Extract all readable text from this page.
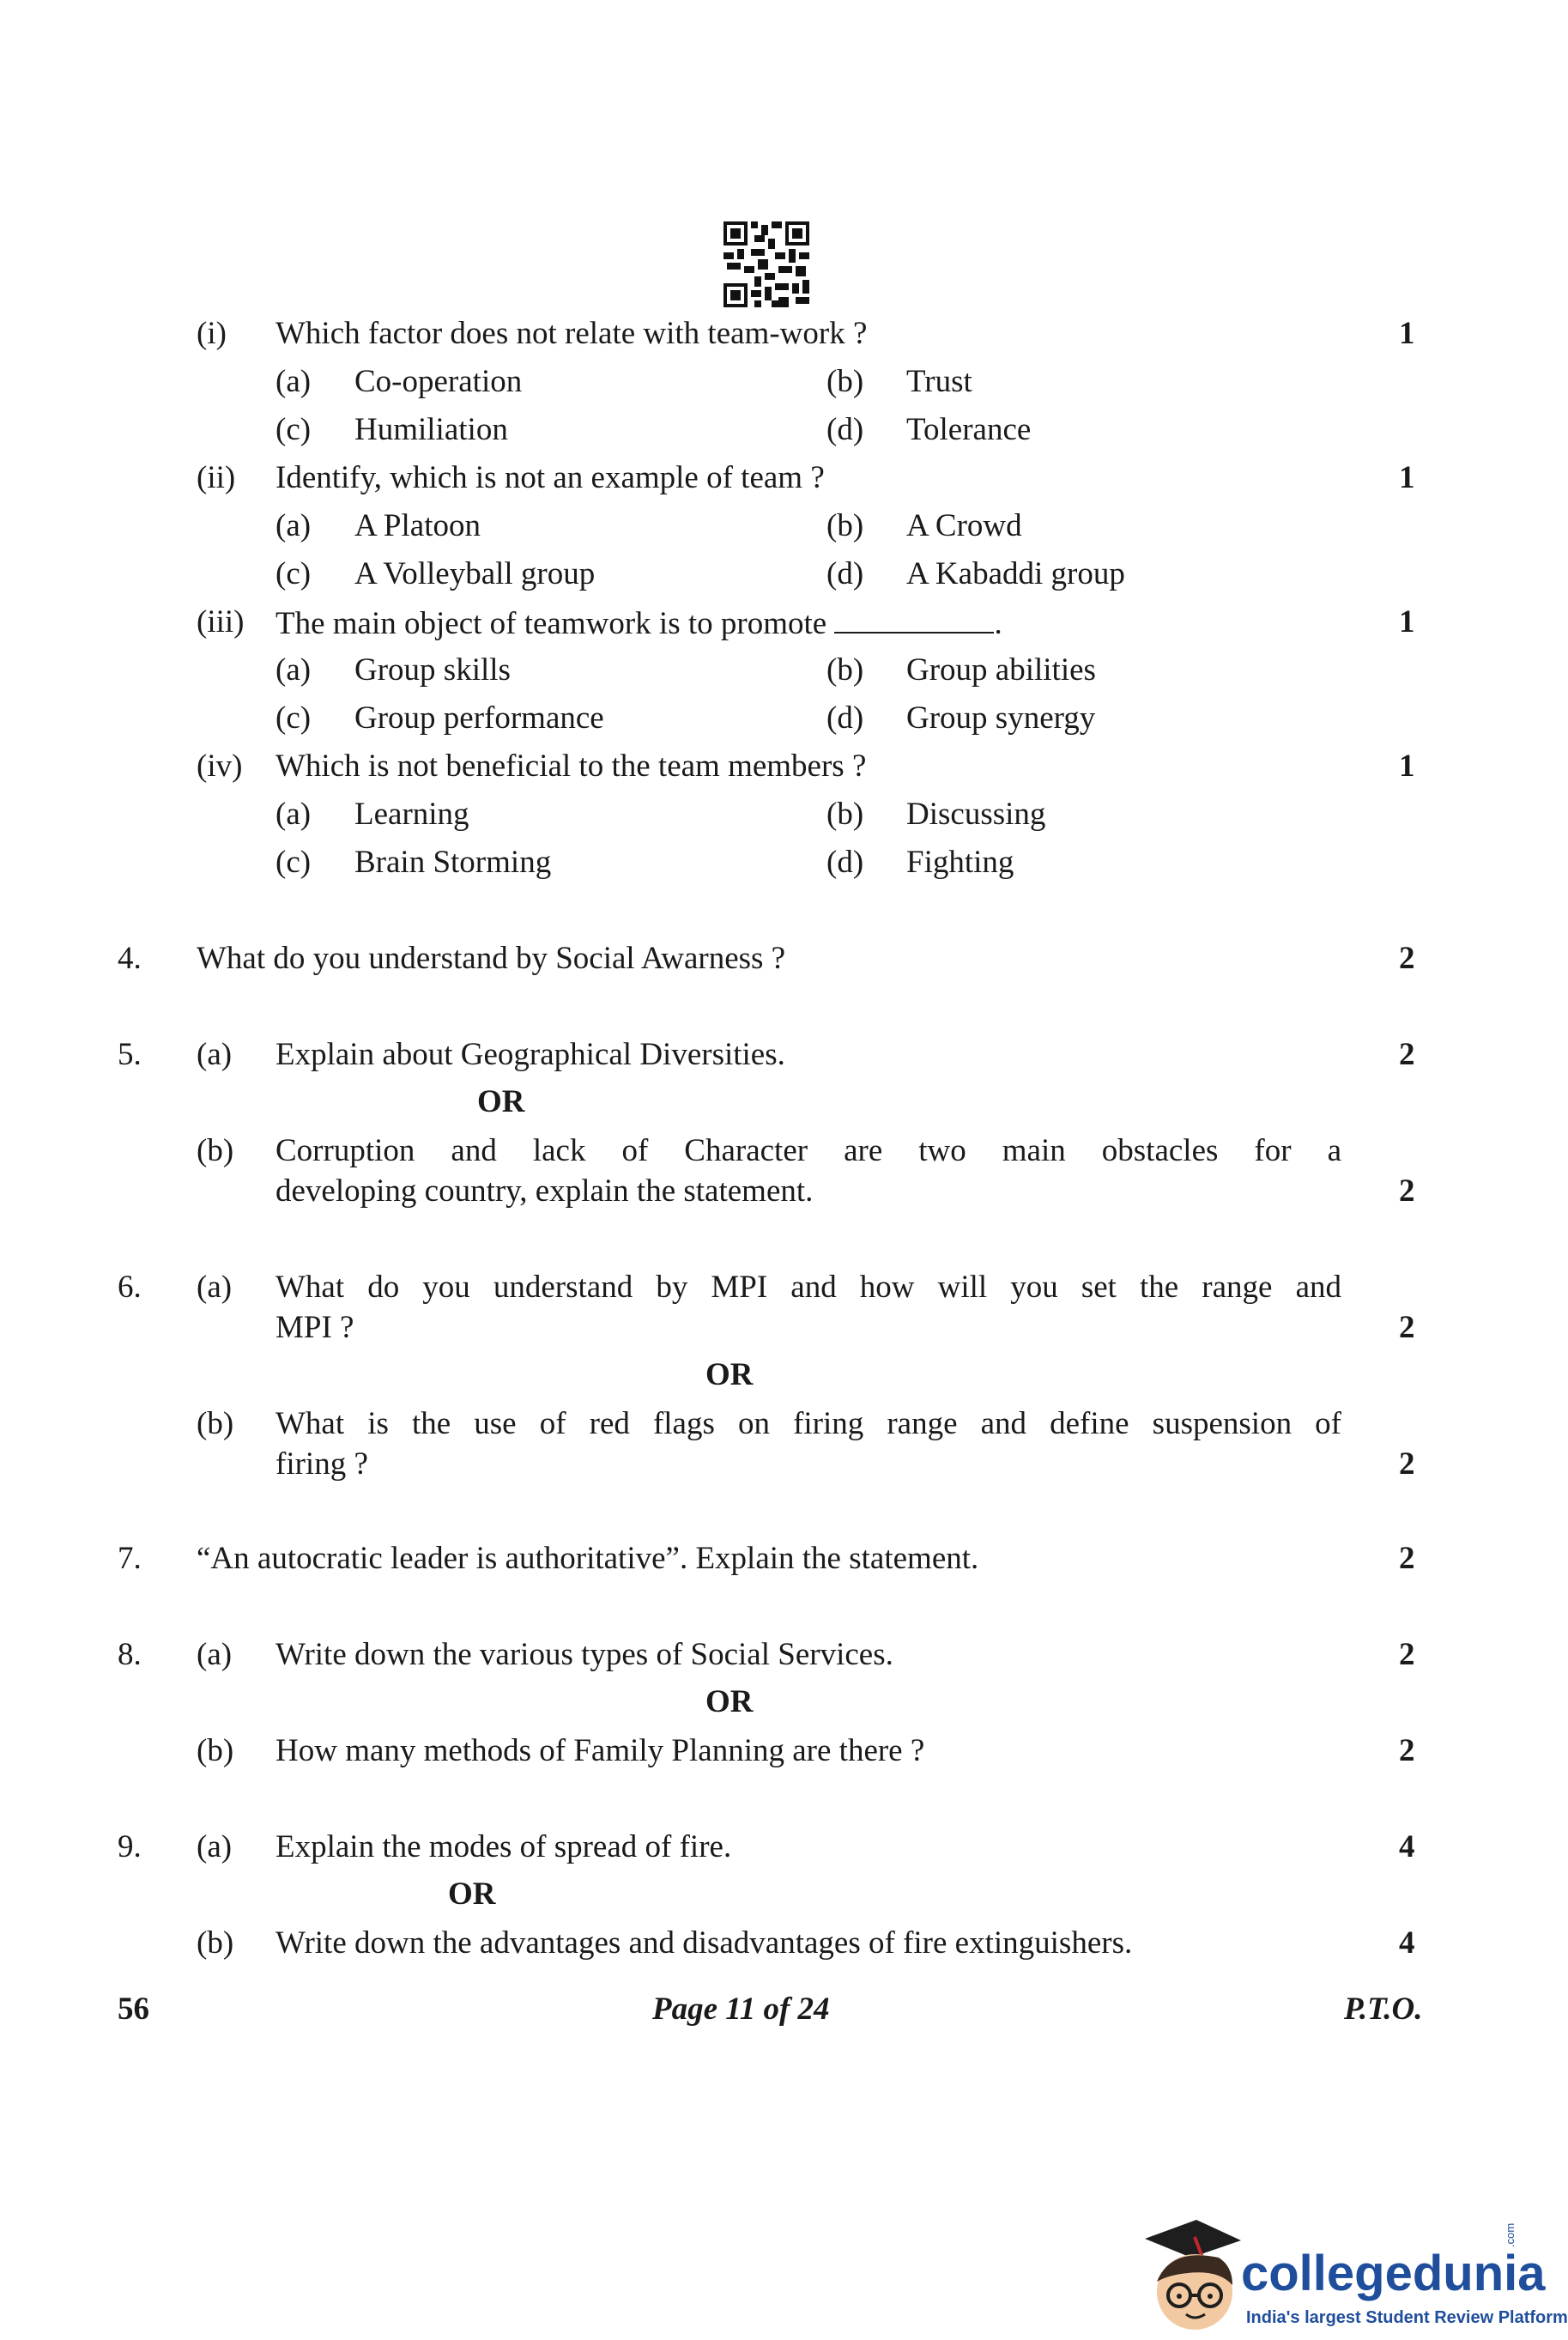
(i) Which factor does not relate with team-work ?	1
(a) Co-operation	(b) Trust
(c) Humiliation	(d) Tolerance
(ii) Identify, which is not an example of team ?	1
(a) A Platoon	(b) A Crowd
(c) A Volleyball group	(d) A Kabaddi group
(iii) The main object of teamwork is to promote	.	1
(a) Group skills	(b) Group abilities
(c) Group performance	(d) Group synergy
(iv) Which is not beneficial to the team members ?	1
(a) Learning	(b) Discussing
(c) Brain Storming	(d) Fighting
4. What do you understand by Social Awarness ?	2
5. (a) Explain about Geographical Diversities.	2
OR
(b) Corruption and lack of Character are two main obstacles for a
developing country, explain the statement.	2
6. (a) What do you understand by MPI and how will you set the range and
MPI ?	2
OR
(b) What is the use of red flags on firing range and define suspension of
firing ?	2
7. “An autocratic leader is authoritative”. Explain the statement.	2
8. (a) Write down the various types of Social Services.	2
OR
(b) How many methods of Family Planning are there ?	2
9. (a) Explain the modes of spread of fire.	4
OR
(b) Write down the advantages and disadvantages of fire extinguishers.	4
56	Page 11 of 24	P.T.O.
collegedunia
.com
India's largest Student Review Platform
